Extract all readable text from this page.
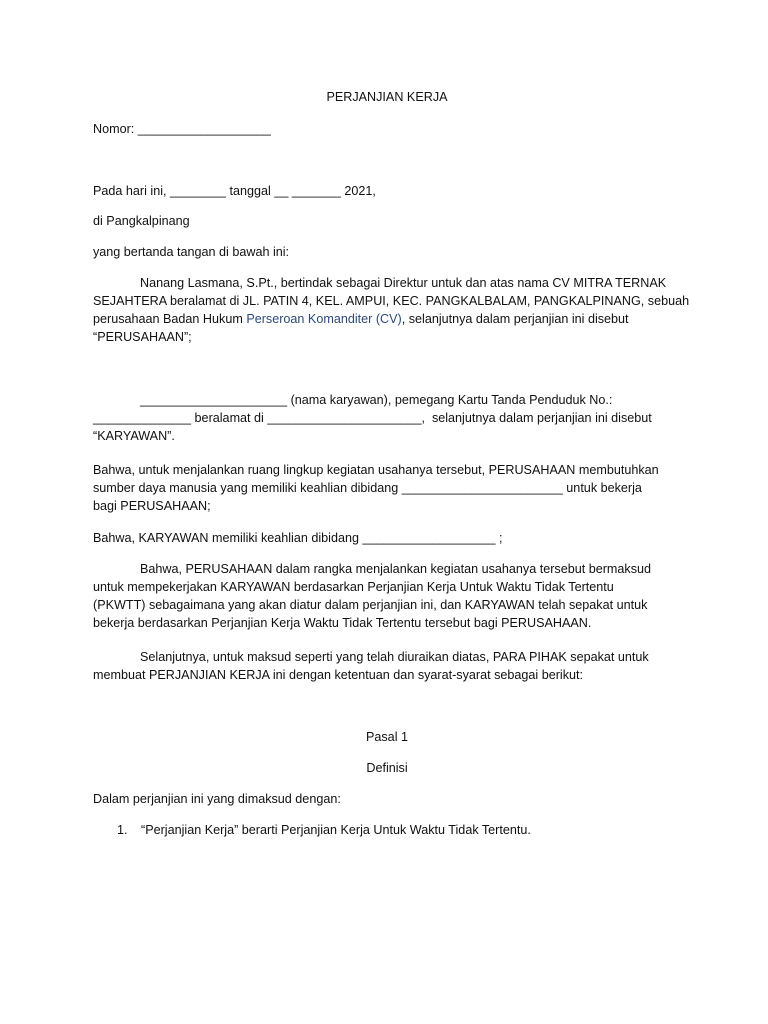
PERJANJIAN KERJA
Nomor: ___________________
Pada hari ini, ________ tanggal __ _______ 2021,
di Pangkalpinang
yang bertanda tangan di bawah ini:
Nanang Lasmana, S.Pt., bertindak sebagai Direktur untuk dan atas nama CV MITRA TERNAK
SEJAHTERA beralamat di JL. PATIN 4, KEL. AMPUI, KEC. PANGKALBALAM, PANGKALPINANG, sebuah
perusahaan Badan Hukum Perseroan Komanditer (CV), selanjutnya dalam perjanjian ini disebut
“PERUSAHAAN”;
_____________________ (nama karyawan), pemegang Kartu Tanda Penduduk No.:
______________ beralamat di ______________________,  selanjutnya dalam perjanjian ini disebut
“KARYAWAN”.
Bahwa, untuk menjalankan ruang lingkup kegiatan usahanya tersebut, PERUSAHAAN membutuhkan
sumber daya manusia yang memiliki keahlian dibidang _______________________ untuk bekerja
bagi PERUSAHAAN;
Bahwa, KARYAWAN memiliki keahlian dibidang ___________________ ;
Bahwa, PERUSAHAAN dalam rangka menjalankan kegiatan usahanya tersebut bermaksud
untuk mempekerjakan KARYAWAN berdasarkan Perjanjian Kerja Untuk Waktu Tidak Tertentu
(PKWTT) sebagaimana yang akan diatur dalam perjanjian ini, dan KARYAWAN telah sepakat untuk
bekerja berdasarkan Perjanjian Kerja Waktu Tidak Tertentu tersebut bagi PERUSAHAAN.
Selanjutnya, untuk maksud seperti yang telah diuraikan diatas, PARA PIHAK sepakat untuk
membuat PERJANJIAN KERJA ini dengan ketentuan dan syarat-syarat sebagai berikut:
Pasal 1
Definisi
Dalam perjanjian ini yang dimaksud dengan:
1. “Perjanjian Kerja” berarti Perjanjian Kerja Untuk Waktu Tidak Tertentu.
